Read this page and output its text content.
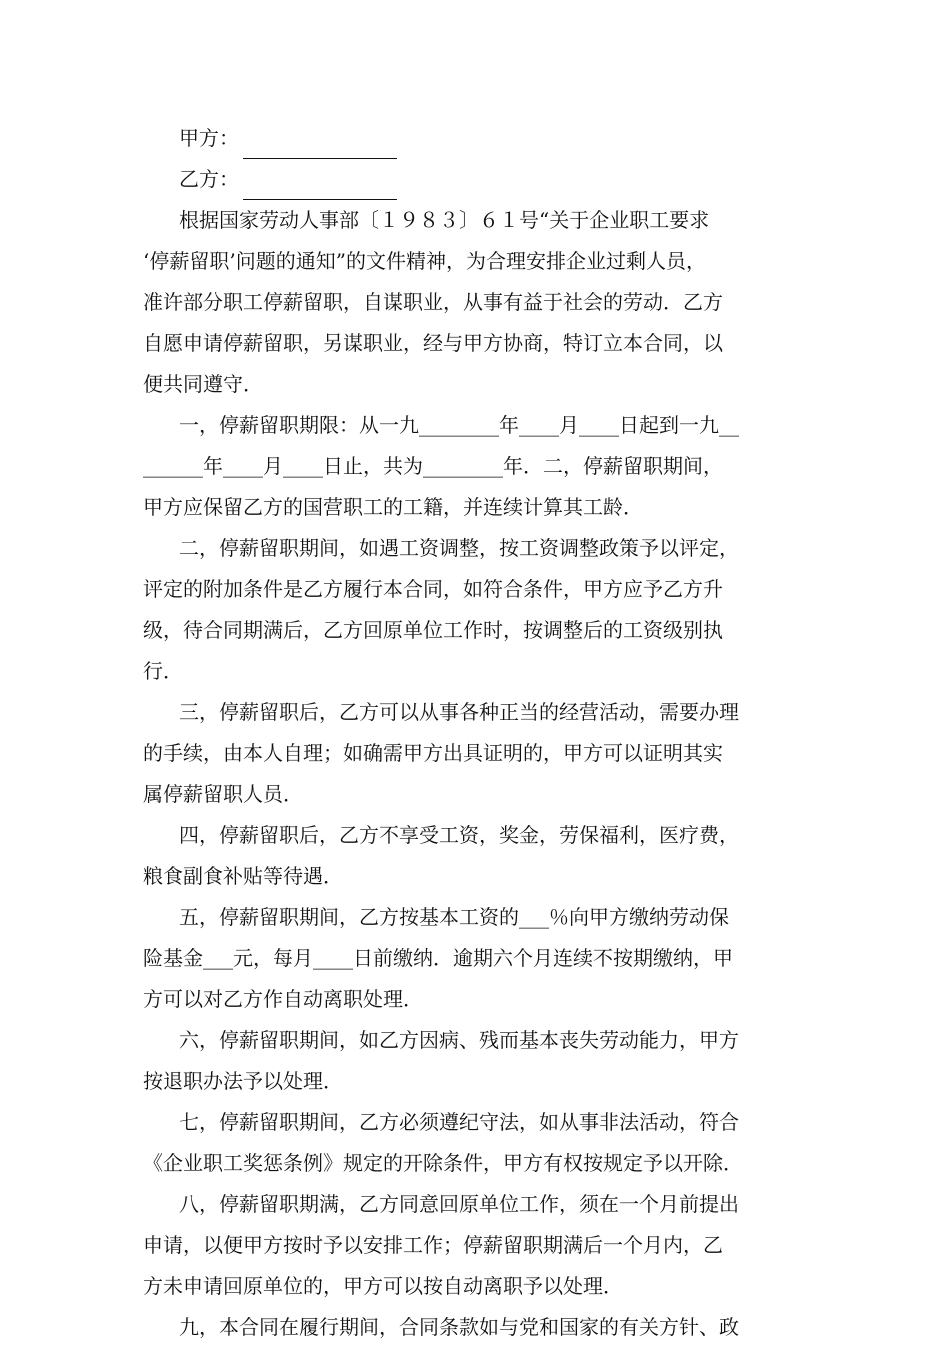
甲方：
乙方：
根据国家劳动人事部〔１９８３〕６１号“关于企业职工要求
‘停薪留职’问题的通知”的文件精神，为合理安排企业过剩人员，
准许部分职工停薪留职，自谋职业，从事有益于社会的劳动．乙方
自愿申请停薪留职，另谋职业，经与甲方协商，特订立本合同，以
便共同遵守．
一，停薪留职期限：从一九________年____月____日起到一九__
______年____月____日止，共为________年．二，停薪留职期间，
甲方应保留乙方的国营职工的工籍，并连续计算其工龄．
二，停薪留职期间，如遇工资调整，按工资调整政策予以评定，
评定的附加条件是乙方履行本合同，如符合条件，甲方应予乙方升
级，待合同期满后，乙方回原单位工作时，按调整后的工资级别执
行．
三，停薪留职后，乙方可以从事各种正当的经营活动，需要办理
的手续，由本人自理；如确需甲方出具证明的，甲方可以证明其实
属停薪留职人员．
四，停薪留职后，乙方不享受工资，奖金，劳保福利，医疗费，
粮食副食补贴等待遇．
五，停薪留职期间，乙方按基本工资的___％向甲方缴纳劳动保
险基金___元，每月____日前缴纳．逾期六个月连续不按期缴纳，甲
方可以对乙方作自动离职处理．
六，停薪留职期间，如乙方因病、残而基本丧失劳动能力，甲方
按退职办法予以处理．
七，停薪留职期间，乙方必须遵纪守法，如从事非法活动，符合
《企业职工奖惩条例》规定的开除条件，甲方有权按规定予以开除．
八，停薪留职期满，乙方同意回原单位工作，须在一个月前提出
申请，以便甲方按时予以安排工作；停薪留职期满后一个月内，乙
方未申请回原单位的，甲方可以按自动离职予以处理．
九，本合同在履行期间，合同条款如与党和国家的有关方针、政
